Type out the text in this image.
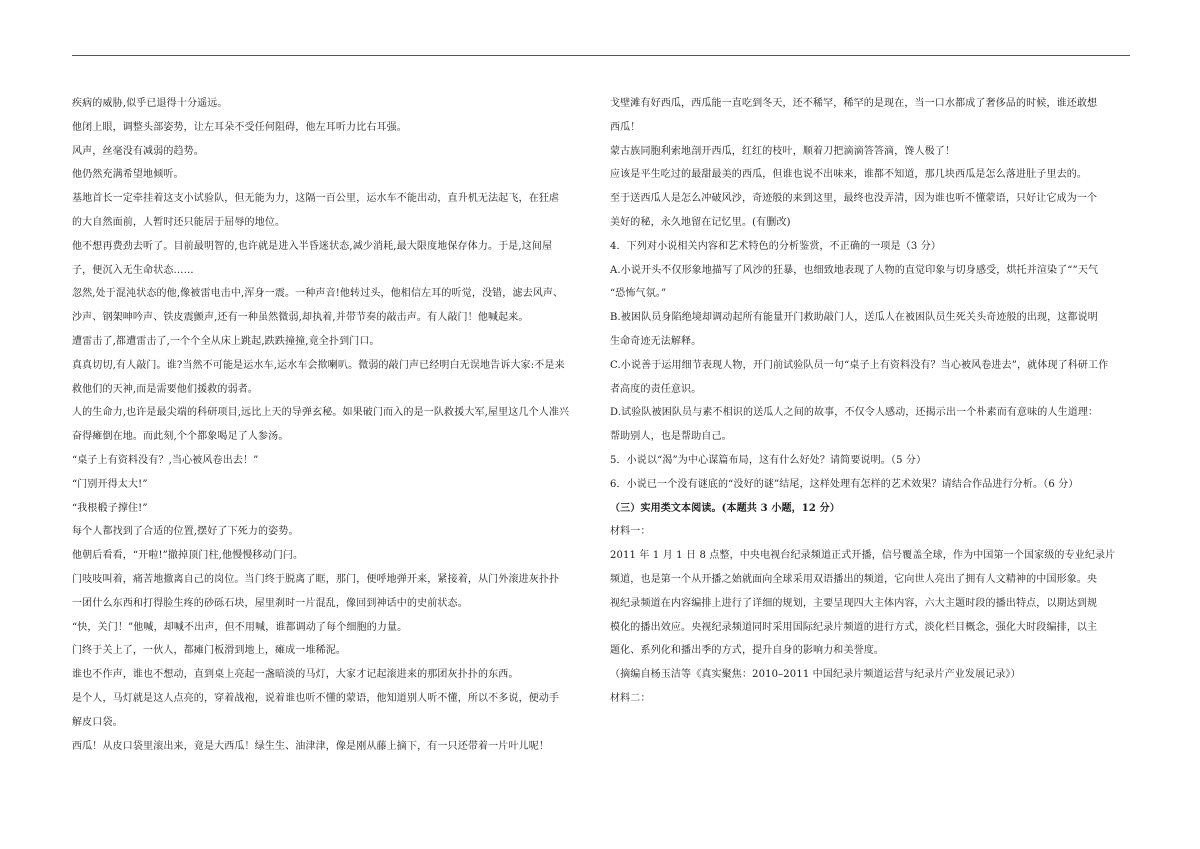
疾病的威胁,似乎已退得十分遥远。
他闭上眼，调整头部姿势，让左耳朵不受任何阻碍，他左耳听力比右耳强。
风声，丝毫没有减弱的趋势。
他仍然充满希望地倾听。
基地首长一定牵挂着这支小试验队，但无能为力，这隔一百公里，运水车不能出动，直升机无法起飞，在狂虐
的大自然面前，人暂时还只能居于屈辱的地位。
他不想再费劲去听了。目前最明智的,也许就是进入半昏迷状态,减少消耗,最大限度地保存体力。于是,这间屋
子，便沉入无生命状态……
忽然,处于混沌状态的他,像被雷电击中,浑身一震。一种声音!他转过头，他相信左耳的听觉，没错，滤去风声、
沙声、钢架呻吟声、铁皮震颤声,还有一种虽然微弱,却执着,并带节奏的敲击声。有人敲门！他喊起来。
遭雷击了,都遭雷击了,一个个全从床上跳起,跌跌撞撞,竟全扑到门口。
真真切切,有人敲门。谁?当然不可能是运水车,运水车会揿喇叭。微弱的敲门声已经明白无误地告诉大家:不是来
救他们的天神,而是需要他们援救的弱者。
人的生命力,也许是最尖端的科研项目,远比上天的导弹玄秘。如果破门而入的是一队救援大军,屋里这几个人准兴
奋得瘫倒在地。而此刻,个个都象喝足了人参汤。
“桌子上有资料没有？,当心被风卷出去！”
“门别开得太大!”
“我根椴子撑住!”
每个人都找到了合适的位置,摆好了下死力的姿势。
他朝后看看，“开啦!”撤掉顶门柱,他慢慢移动门闩。
门吱吱叫着，痛苦地撤离自己的岗位。当门终于脱离了眶，那门，便呼地弹开来，紧接着，从门外滚进灰扑扑
一团什么东西和打得脸生疼的砂砾石块，屋里刹时一片混乱，像回到神话中的史前状态。
“快，关门！”他喊，却喊不出声，但不用喊，谁都调动了每个细胞的力量。
门终于关上了，一伙人，都瘫门板滑到地上，瘫成一堆稀泥。
谁也不作声，谁也不想动，直到桌上亮起一盏暗淡的马灯，大家才记起滚进来的那团灰扑扑的东西。
是个人，马灯就是这人点亮的，穿着战袍，说着谁也听不懂的蒙语，他知道别人听不懂，所以不多说，便动手
解皮口袋。
西瓜！从皮口袋里滚出来，竟是大西瓜！绿生生、油津津，像是刚从藤上摘下，有一只还带着一片叶儿呢！
戈壁滩有好西瓜，西瓜能一直吃到冬天，还不稀罕，稀罕的是现在，当一口水都成了奢侈品的时候，谁还敢想
西瓜！
蒙古族同胞利索地剖开西瓜，红红的枝叶，顺着刀把滴滴答答滴，馋人极了！
应该是平生吃过的最甜最美的西瓜，但谁也说不出味来，谁都不知道，那几块西瓜是怎么落进肚子里去的。
至于送西瓜人是怎么冲破风沙，奇迹般的来到这里，最终也没弄清，因为谁也听不懂蒙语，只好让它成为一个
美好的秘，永久地留在记忆里。(有删改)
4．下列对小说相关内容和艺术特色的分析鉴赏，不正确的一项是（3 分）
A.小说开头不仅形象地描写了风沙的狂暴，也细致地表现了人物的直觉印象与切身感受，烘托并渲染了“”天气
“恐怖气氛。”
B.被困队员身陷绝境却调动起所有能量开门救助敲门人，送瓜人在被困队员生死关头奇迹般的出现，这都说明
生命奇迹无法解释。
C.小说善于运用细节表现人物，开门前试验队员一句“桌子上有资料没有？当心被风卷进去”，就体现了科研工作
者高度的责任意识。
D.试验队被困队员与素不相识的送瓜人之间的故事，不仅令人感动，还揭示出一个朴素而有意味的人生道理：
帮助别人，也是帮助自己。
5．小说以“渴”为中心谋篇布局，这有什么好处？请简要说明。（5 分）
6．小说已一个没有谜底的“没好的谜”结尾，这样处理有怎样的艺术效果？请结合作品进行分析。（6 分）
（三）实用类文本阅读。(本题共 3 小题，12 分）
材料一：
2011 年 1 月 1 日 8 点整，中央电视台纪录频道正式开播，信号覆盖全球，作为中国第一个国家级的专业纪录片
频道，也是第一个从开播之始就面向全球采用双语播出的频道，它向世人亮出了拥有人文精神的中国形象。央
视纪录频道在内容编排上进行了详细的规划，主要呈现四大主体内容，六大主题时段的播出特点，以期达到规
模化的播出效应。央视纪录频道同时采用国际纪录片频道的进行方式，淡化栏目概念，强化大时段编排，以主
题化、系列化和播出季的方式，提升自身的影响力和美誉度。
（摘编自杨玉洁等《真实聚焦：2010–2011 中国纪录片频道运营与纪录片产业发展记录》）
材料二：
